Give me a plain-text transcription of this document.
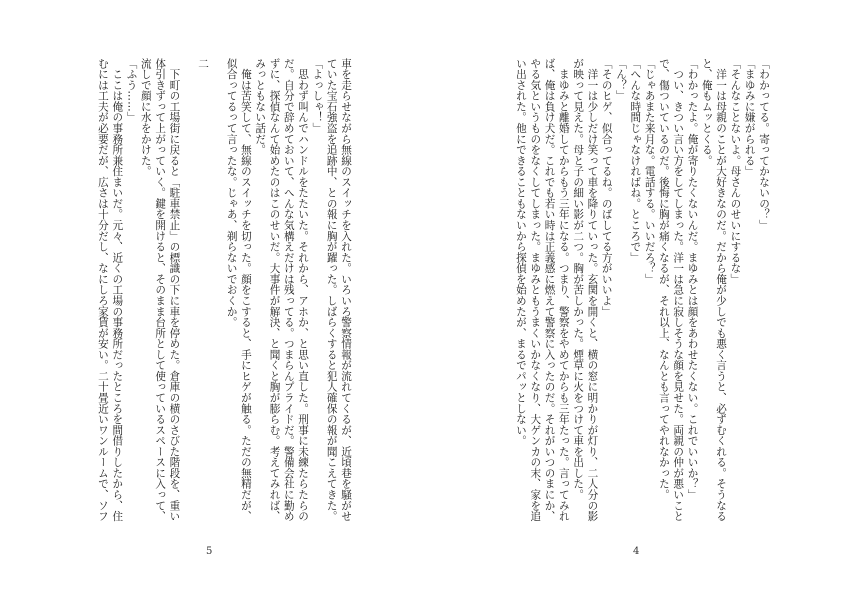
車を走らせながら無線のスイッチを入れた。いろいろ警察情報が流れてくるが、近頃巷を騒がせていた宝石強盗を追跡中、との報に胸が躍った。しばらくすると犯人確保の報が聞こえてきた。
「よっしゃ！」
　思わず叫んでハンドルをたたいた。それから、アホか、と思い直した。刑事に未練たらたらのだ。自分で辞めておいて、へんな気構えだけは残ってる。つまらんプライドだ。警備会社に勤めずに、探偵なんて始めたのはこのせいだ。大事件が解決、と聞くと胸が膨らむ。考えてみれば、みっともない話だ。
　俺は苦笑して、無線のスイッチを切った。顔をこすると、手にヒゲが触る。ただの無精だが、似合ってるって言ったな。じゃあ、剃らないでおくか。

二

　下町の工場街に戻ると「駐車禁止」の標識の下に車を停めた。倉庫の横のさびた階段を、重い体引きずって上がっていく。鍵を開けると、そのまま台所として使っているスペースに入って、流しで顔に水をかけた。
「ふう……」
　ここは俺の事務所兼住まいだ。元々、近くの工場の事務所だったところを間借りしたから、住むには工夫が必要だが、広さは十分だし、なにしろ家賃が安い。二十畳近いワンルームで、ソフ
5
「わかってる。寄ってかないの？」
「まゆみに嫌がられる」
「そんなことないよ。母さんのせいにするな」
　洋一は母親のことが大好きなのだ。だから俺が少しでも悪く言うと、必ずむくれる。そうなると、俺もムッとくる。
「わかったよ。俺が寄りたくないんだ。まゆみとは顔をあわせたくない。これでいいか？」
　つい、きつい言い方をしてしまった。洋一は急に寂しそうな顔を見せた。両親の仲が悪いことで、傷ついているのだ。後悔に胸が痛くなるが、それ以上、なんとも言ってやれなかった。
「じゃあまた来月な。電話する。いいだろ？」
「へんな時間じゃなければね。ところで」
「ん？」
「そのヒゲ、似合ってるね。のばしてる方がいいよ」
　洋一は少しだけ笑って車を降りていった。玄関を開くと、横の窓に明かりが灯り、二人分の影が映って見えた。母と子の細い影が二つ。胸が苦しかった。煙草に火をつけて車を出した。
　まゆみと離婚してからもう三年になる。つまり、警察をやめてからも三年たった。言ってみれば、俺は負け犬だ。これでも若い時は正義感に燃えて警察に入ったのだ。それがいつのまにか、やる気というものをなくしてしまった。まゆみともうまくいかなくなり、大ゲンカの末、家を追い出された。他にできることもないから探偵を始めたが、まるでパッとしない。
4
